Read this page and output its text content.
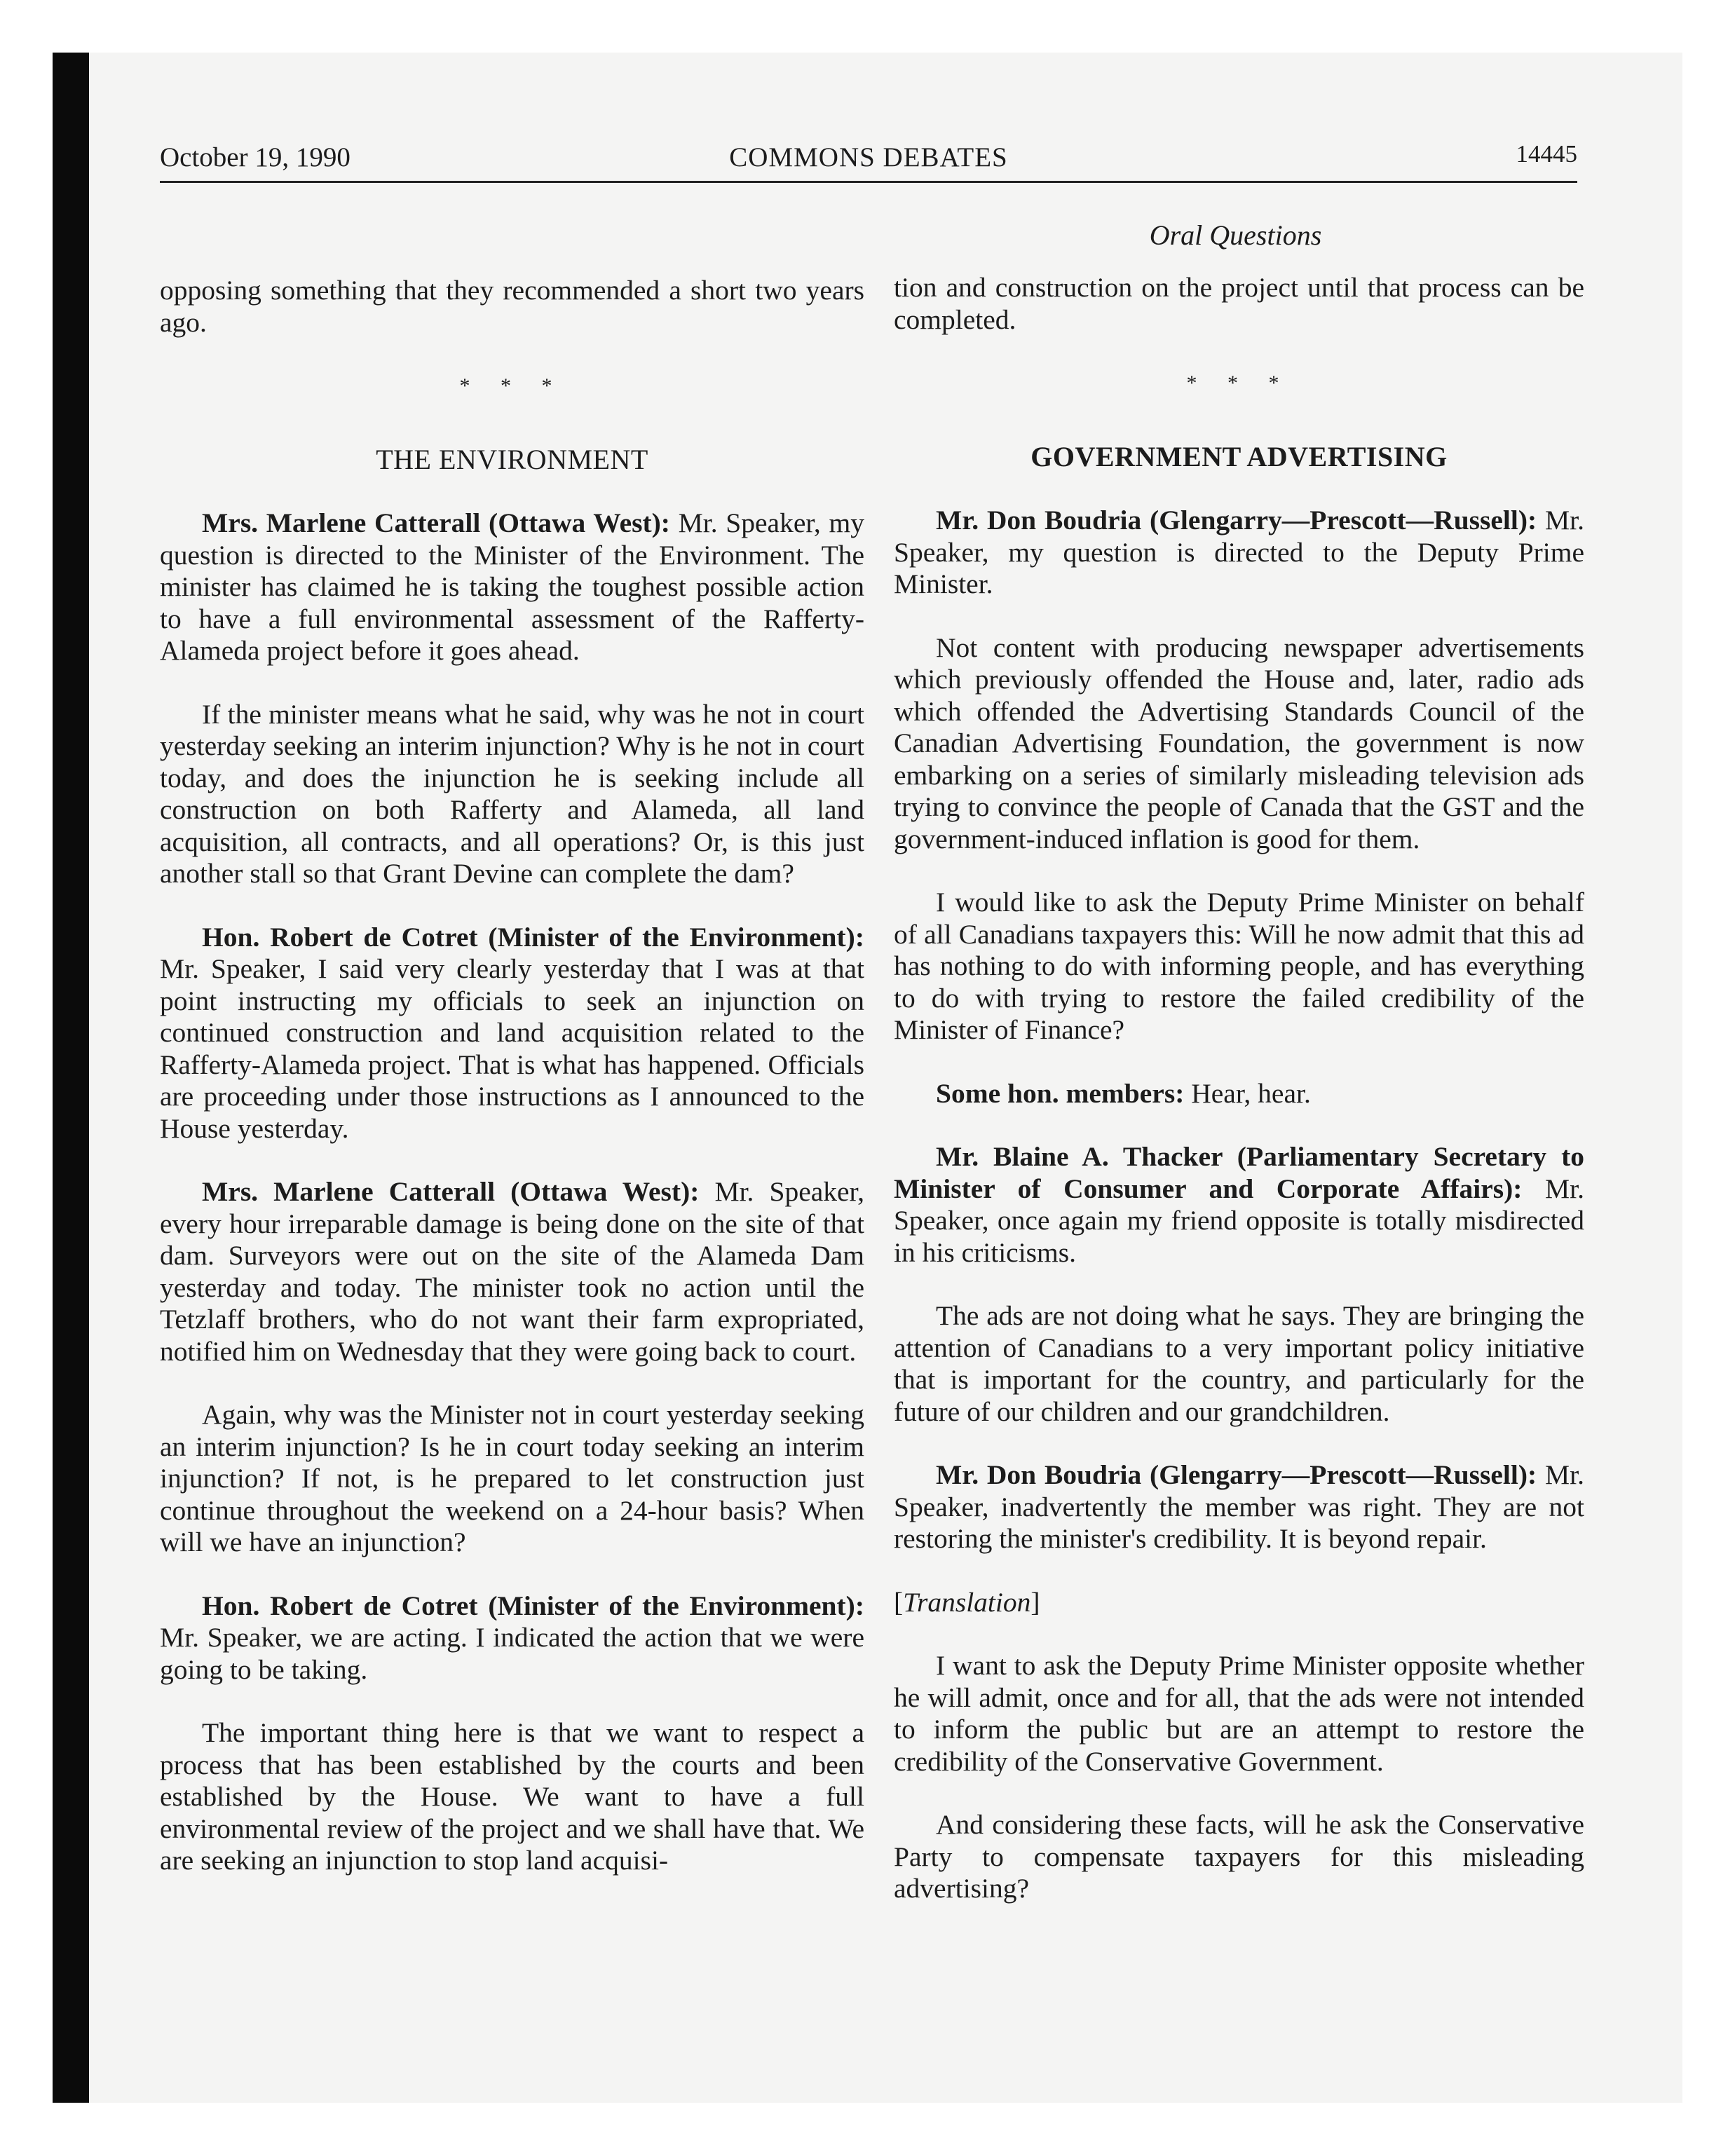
October 19, 1990	COMMONS DEBATES	14445
Oral Questions

opposing something that they recommended a short two years ago.

* * *
THE ENVIRONMENT

Mrs. Marlene Catterall (Ottawa West): Mr. Speaker, my question is directed to the Minister of the Environment. The minister has claimed he is taking the toughest possible action to have a full environmental assessment of the Rafferty-Alameda project before it goes ahead.

If the minister means what he said, why was he not in court yesterday seeking an interim injunction? Why is he not in court today, and does the injunction he is seeking include all construction on both Rafferty and Alameda, all land acquisition, all contracts, and all operations? Or, is this just another stall so that Grant Devine can complete the dam?

Hon. Robert de Cotret (Minister of the Environment): Mr. Speaker, I said very clearly yesterday that I was at that point instructing my officials to seek an injunction on continued construction and land acquisition related to the Rafferty-Alameda project. That is what has happened. Officials are proceeding under those instructions as I announced to the House yesterday.

Mrs. Marlene Catterall (Ottawa West): Mr. Speaker, every hour irreparable damage is being done on the site of that dam. Surveyors were out on the site of the Alameda Dam yesterday and today. The minister took no action until the Tetzlaff brothers, who do not want their farm expropriated, notified him on Wednesday that they were going back to court.

Again, why was the Minister not in court yesterday seeking an interim injunction? Is he in court today seeking an interim injunction? If not, is he prepared to let construction just continue throughout the weekend on a 24-hour basis? When will we have an injunction?

Hon. Robert de Cotret (Minister of the Environment): Mr. Speaker, we are acting. I indicated the action that we were going to be taking.

The important thing here is that we want to respect a process that has been established by the courts and been established by the House. We want to have a full environmental review of the project and we shall have that. We are seeking an injunction to stop land acquisi-

tion and construction on the project until that process can be completed.

* * *
GOVERNMENT ADVERTISING

Mr. Don Boudria (Glengarry—Prescott—Russell): Mr. Speaker, my question is directed to the Deputy Prime Minister.

Not content with producing newspaper advertisements which previously offended the House and, later, radio ads which offended the Advertising Standards Council of the Canadian Advertising Foundation, the government is now embarking on a series of similarly misleading television ads trying to convince the people of Canada that the GST and the government-induced inflation is good for them.

I would like to ask the Deputy Prime Minister on behalf of all Canadians taxpayers this: Will he now admit that this ad has nothing to do with informing people, and has everything to do with trying to restore the failed credibility of the Minister of Finance?

Some hon. members: Hear, hear.

Mr. Blaine A. Thacker (Parliamentary Secretary to Minister of Consumer and Corporate Affairs): Mr. Speaker, once again my friend opposite is totally misdirected in his criticisms.

The ads are not doing what he says. They are bringing the attention of Canadians to a very important policy initiative that is important for the country, and particularly for the future of our children and our grandchildren.

Mr. Don Boudria (Glengarry—Prescott—Russell): Mr. Speaker, inadvertently the member was right. They are not restoring the minister's credibility. It is beyond repair.

[Translation]

I want to ask the Deputy Prime Minister opposite whether he will admit, once and for all, that the ads were not intended to inform the public but are an attempt to restore the credibility of the Conservative Government.

And considering these facts, will he ask the Conservative Party to compensate taxpayers for this misleading advertising?
